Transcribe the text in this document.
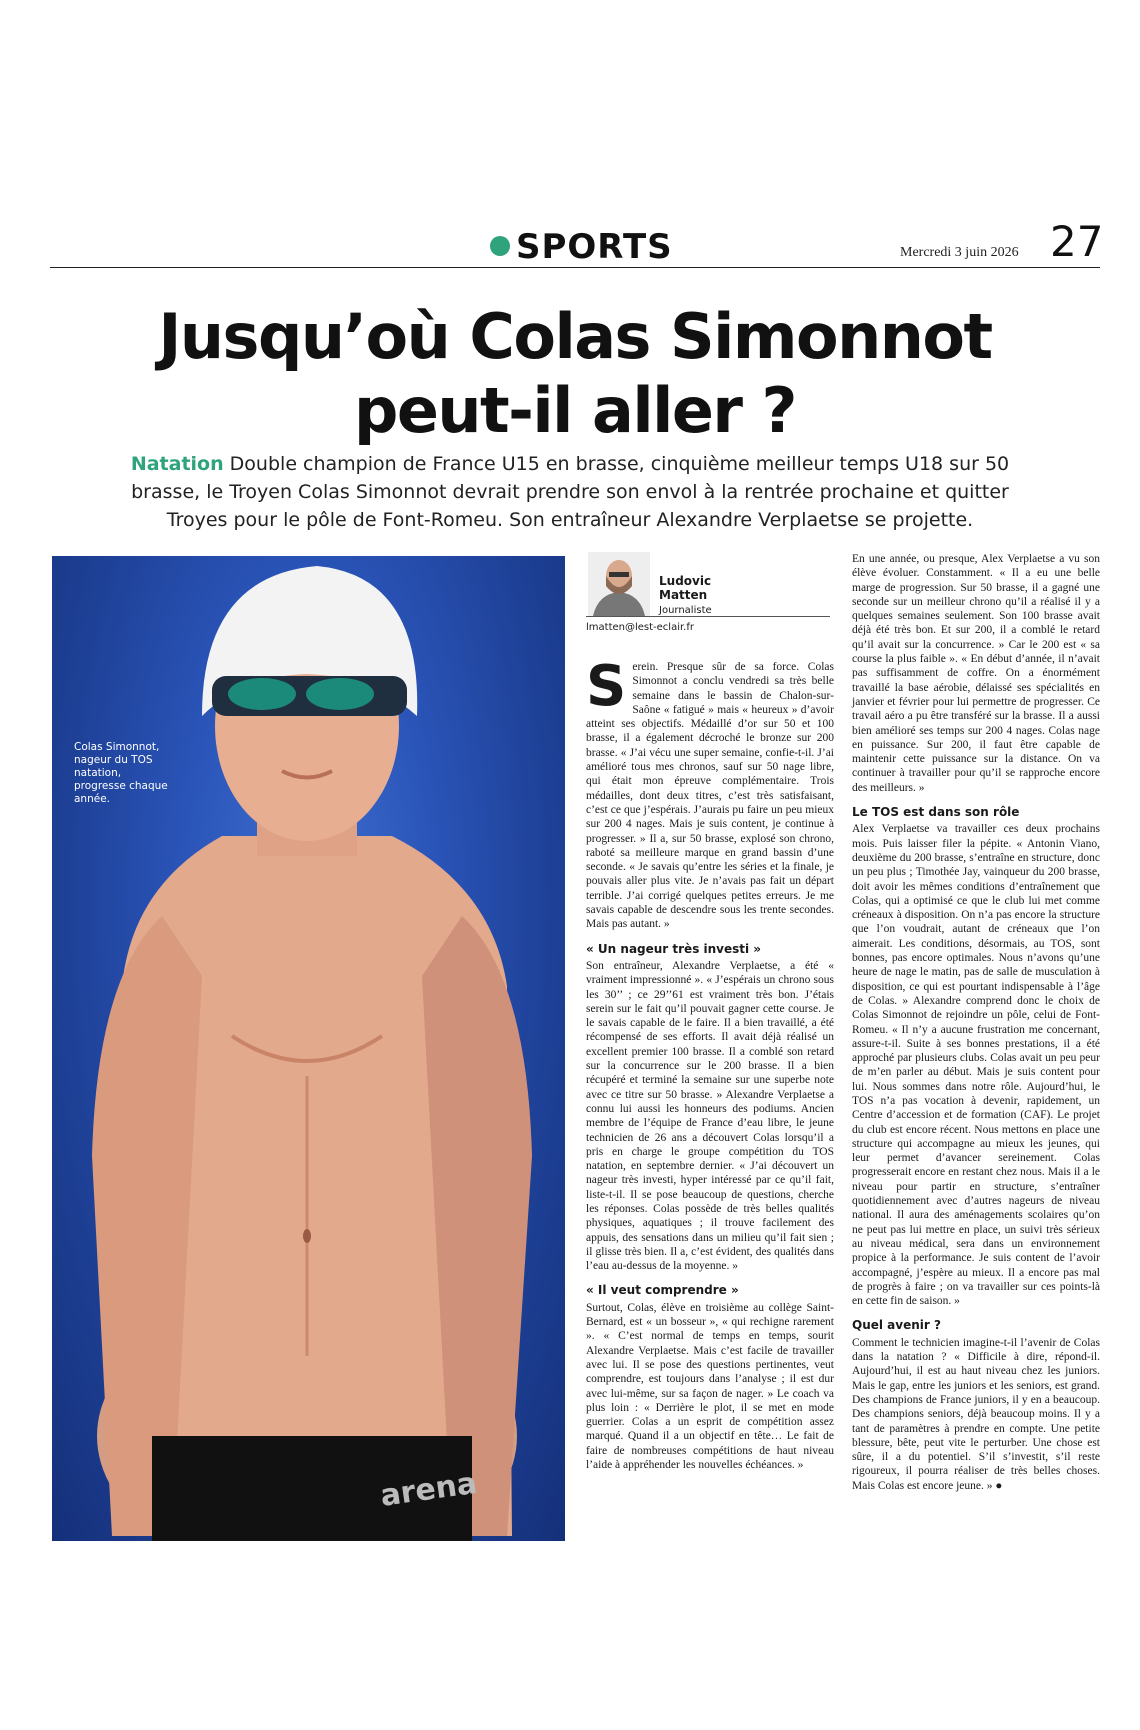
SPORTS	Mercredi 3 juin 2026 27
Jusqu’où Colas Simonnot
peut-il aller ?
Natation Double champion de France U15 en brasse, cinquième meilleur temps U18 sur 50 brasse, le Troyen Colas Simonnot devrait prendre son envol à la rentrée prochaine et quitter Troyes pour le pôle de Font-Romeu. Son entraîneur Alexandre Verplaetse se projette.
arena
Colas Simonnot, nageur du TOS natation, progresse chaque année.
Ludovic
Matten
Journaliste
lmatten@lest-eclair.fr

Serein. Presque sûr de sa force. Colas Simonnot a conclu vendredi sa très belle semaine dans le bassin de Chalon-sur-Saône « fatigué » mais « heureux » d’avoir atteint ses objectifs. Médaillé d’or sur 50 et 100 brasse, il a également décroché le bronze sur 200 brasse. « J’ai vécu une super semaine, confie-t-il. J’ai amélioré tous mes chronos, sauf sur 50 nage libre, qui était mon épreuve complémentaire. Trois médailles, dont deux titres, c’est très satisfaisant, c’est ce que j’espérais. J’aurais pu faire un peu mieux sur 200 4 nages. Mais je suis content, je continue à progresser. » Il a, sur 50 brasse, explosé son chrono, raboté sa meilleure marque en grand bassin d’une seconde. « Je savais qu’entre les séries et la finale, je pouvais aller plus vite. Je n’avais pas fait un départ terrible. J’ai corrigé quelques petites erreurs. Je me savais capable de descendre sous les trente secondes. Mais pas autant. »

« Un nageur très investi »

Son entraîneur, Alexandre Verplaetse, a été « vraiment impressionné ». « J’espérais un chrono sous les 30’’ ; ce 29’’61 est vraiment très bon. J’étais serein sur le fait qu’il pouvait gagner cette course. Je le savais capable de le faire. Il a bien travaillé, a été récompensé de ses efforts. Il avait déjà réalisé un excellent premier 100 brasse. Il a comblé son retard sur la concurrence sur le 200 brasse. Il a bien récupéré et terminé la semaine sur une superbe note avec ce titre sur 50 brasse. » Alexandre Verplaetse a connu lui aussi les honneurs des podiums. Ancien membre de l’équipe de France d’eau libre, le jeune technicien de 26 ans a découvert Colas lorsqu’il a pris en charge le groupe compétition du TOS natation, en septembre dernier. « J’ai découvert un nageur très investi, hyper intéressé par ce qu’il fait, liste-t-il. Il se pose beaucoup de questions, cherche les réponses. Colas possède de très belles qualités physiques, aquatiques ; il trouve facilement des appuis, des sensations dans un milieu qu’il fait sien ; il glisse très bien. Il a, c’est évident, des qualités dans l’eau au-dessus de la moyenne. »

« Il veut comprendre »

Surtout, Colas, élève en troisième au collège Saint-Bernard, est « un bosseur », « qui rechigne rarement ». « C’est normal de temps en temps, sourit Alexandre Verplaetse. Mais c’est facile de travailler avec lui. Il se pose des questions pertinentes, veut comprendre, est toujours dans l’analyse ; il est dur avec lui-même, sur sa façon de nager. » Le coach va plus loin : « Derrière le plot, il se met en mode guerrier. Colas a un esprit de compétition assez marqué. Quand il a un objectif en tête… Le fait de faire de nombreuses compétitions de haut niveau l’aide à appréhender les nouvelles échéances. »

En une année, ou presque, Alex Verplaetse a vu son élève évoluer. Constamment. « Il a eu une belle marge de progression. Sur 50 brasse, il a gagné une seconde sur un meilleur chrono qu’il a réalisé il y a quelques semaines seulement. Son 100 brasse avait déjà été très bon. Et sur 200, il a comblé le retard qu’il avait sur la concurrence. » Car le 200 est « sa course la plus faible ». « En début d’année, il n’avait pas suffisamment de coffre. On a énormément travaillé la base aérobie, délaissé ses spécialités en janvier et février pour lui permettre de progresser. Ce travail aéro a pu être transféré sur la brasse. Il a aussi bien amélioré ses temps sur 200 4 nages. Colas nage en puissance. Sur 200, il faut être capable de maintenir cette puissance sur la distance. On va continuer à travailler pour qu’il se rapproche encore des meilleurs. »

Le TOS est dans son rôle

Alex Verplaetse va travailler ces deux prochains mois. Puis laisser filer la pépite. « Antonin Viano, deuxième du 200 brasse, s’entraîne en structure, donc un peu plus ; Timothée Jay, vainqueur du 200 brasse, doit avoir les mêmes conditions d’entraînement que Colas, qui a optimisé ce que le club lui met comme créneaux à disposition. On n’a pas encore la structure que l’on voudrait, autant de créneaux que l’on aimerait. Les conditions, désormais, au TOS, sont bonnes, pas encore optimales. Nous n’avons qu’une heure de nage le matin, pas de salle de musculation à disposition, ce qui est pourtant indispensable à l’âge de Colas. » Alexandre comprend donc le choix de Colas Simonnot de rejoindre un pôle, celui de Font-Romeu. « Il n’y a aucune frustration me concernant, assure-t-il. Suite à ses bonnes prestations, il a été approché par plusieurs clubs. Colas avait un peu peur de m’en parler au début. Mais je suis content pour lui. Nous sommes dans notre rôle. Aujourd’hui, le TOS n’a pas vocation à devenir, rapidement, un Centre d’accession et de formation (CAF). Le projet du club est encore récent. Nous mettons en place une structure qui accompagne au mieux les jeunes, qui leur permet d’avancer sereinement. Colas progresserait encore en restant chez nous. Mais il a le niveau pour partir en structure, s’entraîner quotidiennement avec d’autres nageurs de niveau national. Il aura des aménagements scolaires qu’on ne peut pas lui mettre en place, un suivi très sérieux au niveau médical, sera dans un environnement propice à la performance. Je suis content de l’avoir accompagné, j’espère au mieux. Il a encore pas mal de progrès à faire ; on va travailler sur ces points-là en cette fin de saison. »

Quel avenir ?

Comment le technicien imagine-t-il l’avenir de Colas dans la natation ? « Difficile à dire, répond-il. Aujourd’hui, il est au haut niveau chez les juniors. Mais le gap, entre les juniors et les seniors, est grand. Des champions de France juniors, il y en a beaucoup. Des champions seniors, déjà beaucoup moins. Il y a tant de paramètres à prendre en compte. Une petite blessure, bête, peut vite le perturber. Une chose est sûre, il a du potentiel. S’il s’investit, s’il reste rigoureux, il pourra réaliser de très belles choses. Mais Colas est encore jeune. » ●
